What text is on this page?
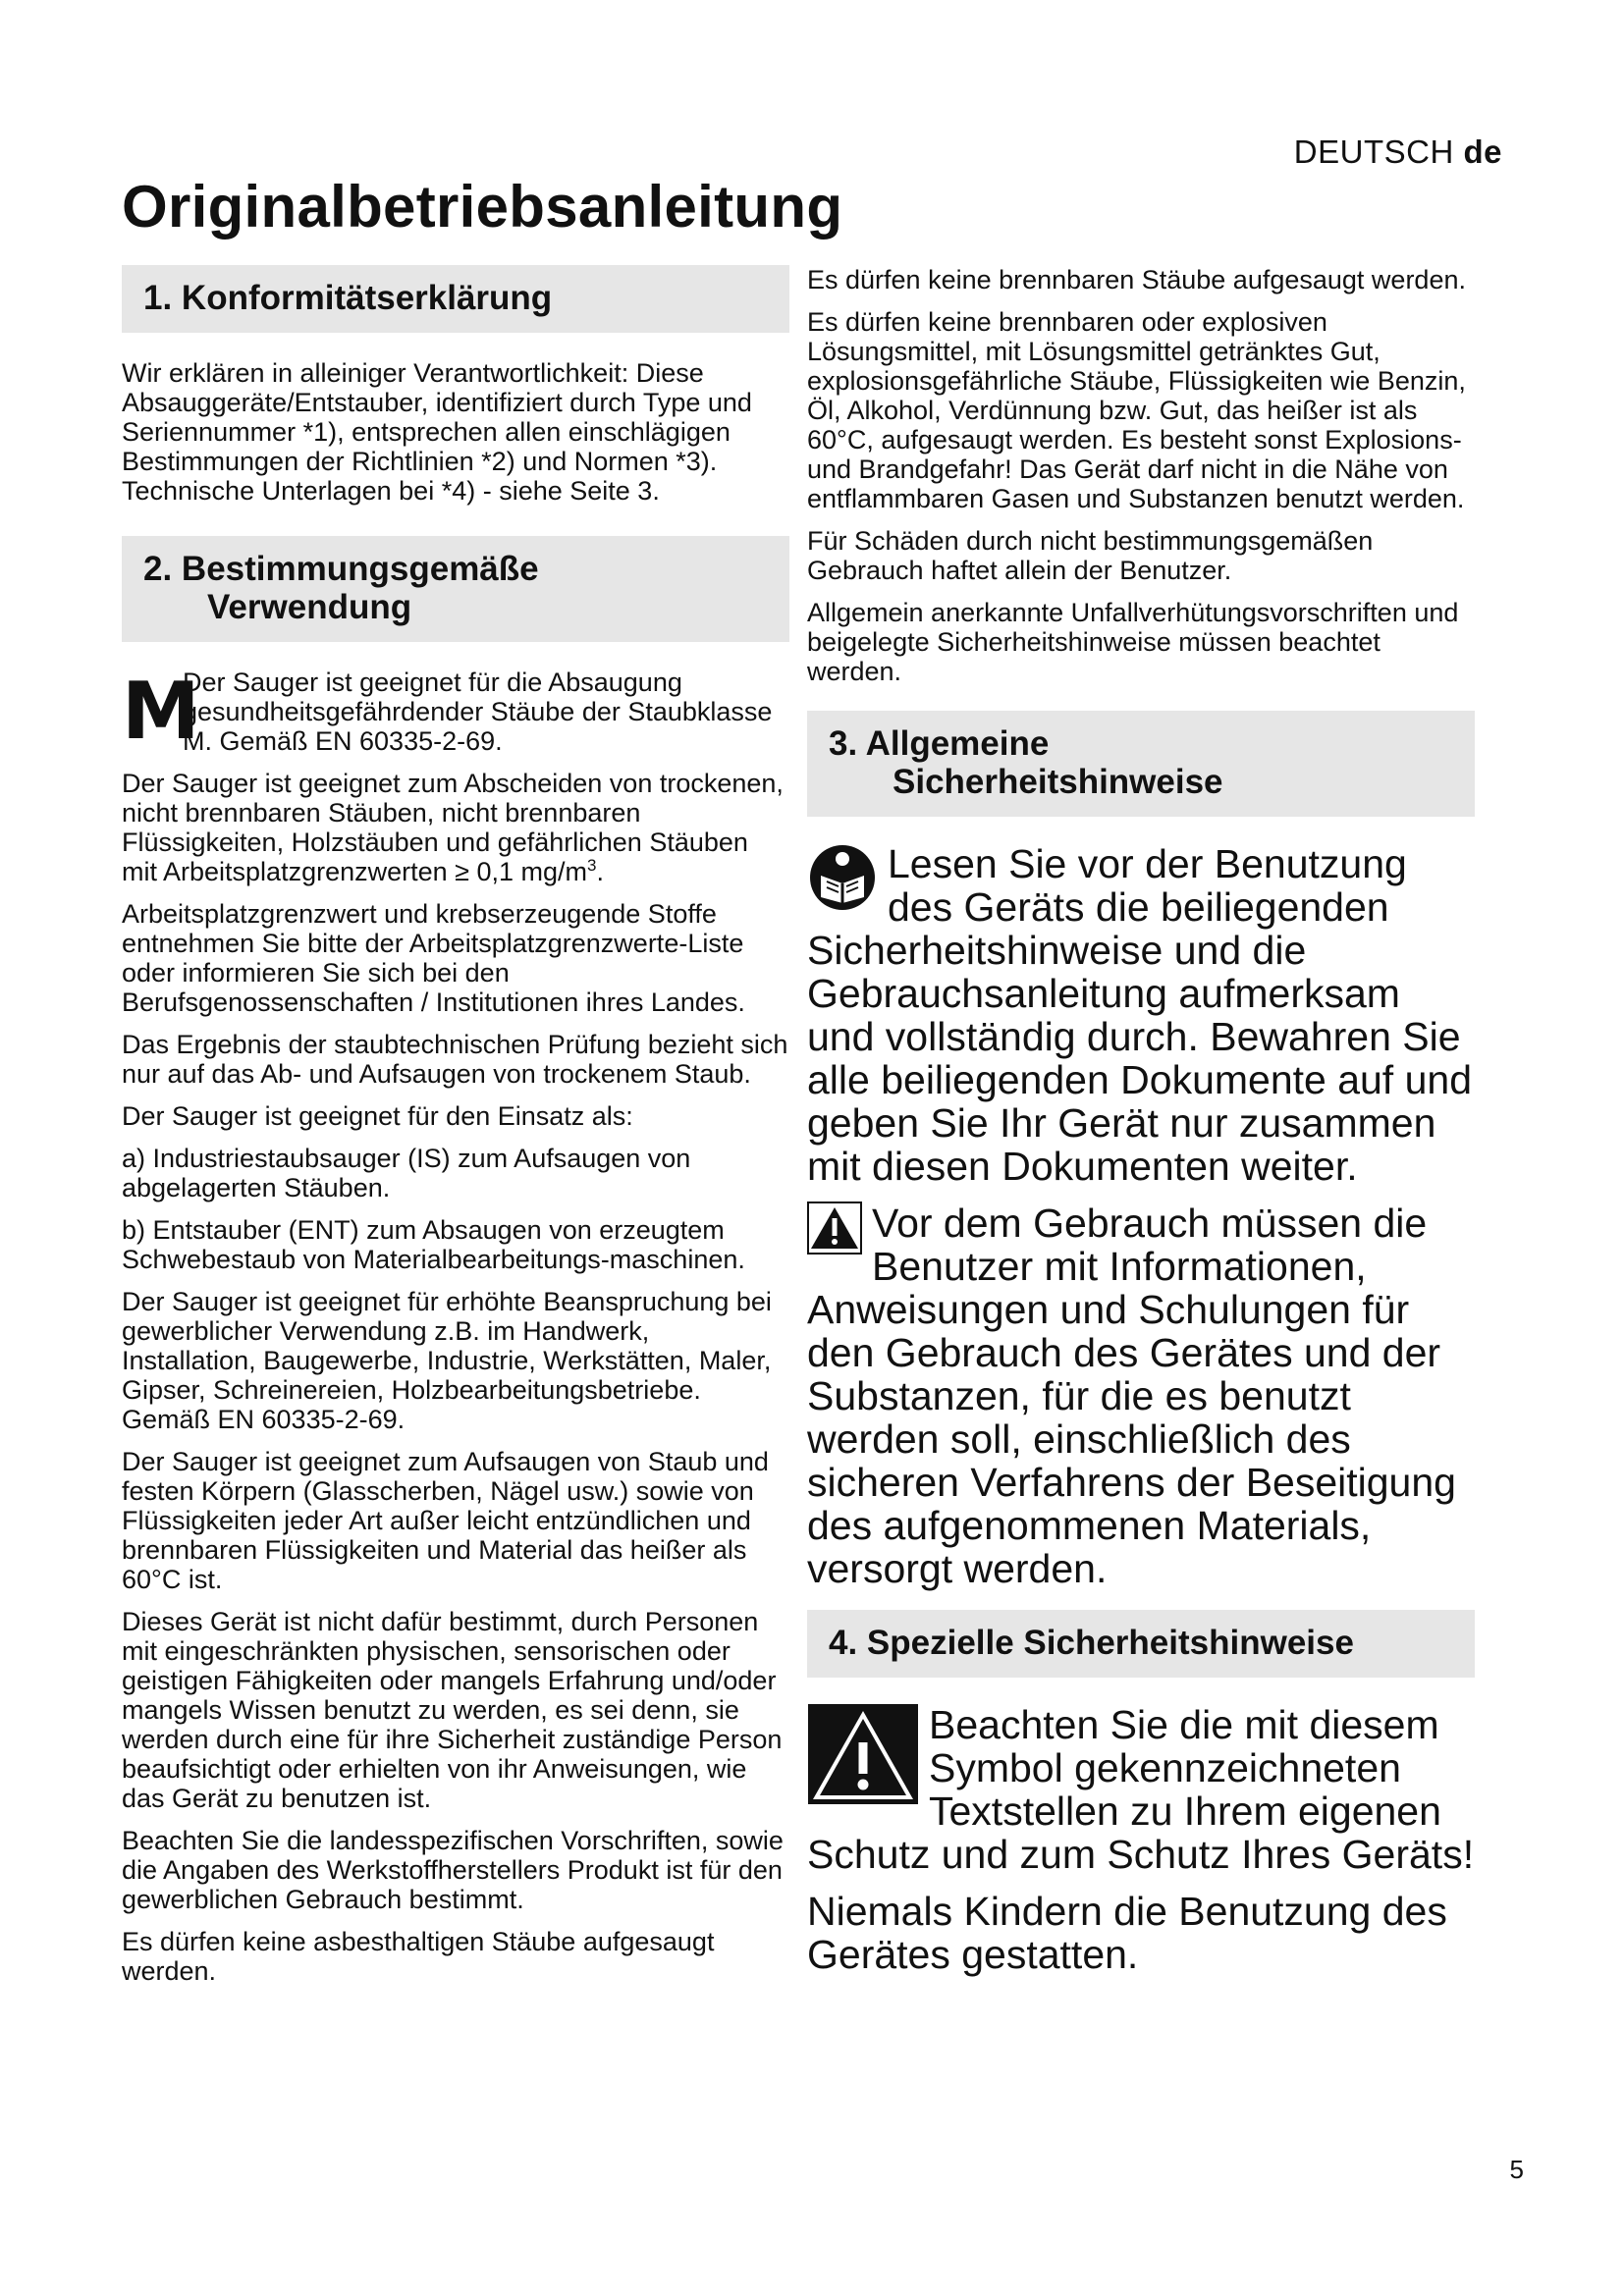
DEUTSCH de
Originalbetriebsanleitung
1. Konformitätserklärung

Wir erklären in alleiniger Verantwortlichkeit: Diese Absauggeräte/Entstauber, identifiziert durch Type und Seriennummer *1), entsprechen allen einschlägigen Bestimmungen der Richtlinien *2) und Normen *3). Technische Unterlagen bei *4) - siehe Seite 3.

2. Bestimmungsgemäße
Verwendung
M

Der Sauger ist geeignet für die Absaugung gesundheitsgefährdender Stäube der Staubklasse M. Gemäß EN 60335-2-69.

Der Sauger ist geeignet zum Abscheiden von trockenen, nicht brennbaren Stäuben, nicht brennbaren Flüssigkeiten, Holzstäuben und gefährlichen Stäuben mit Arbeitsplatzgrenzwerten ≥ 0,1 $mg/m^3$.

Arbeitsplatzgrenzwert und krebserzeugende Stoffe entnehmen Sie bitte der Arbeitsplatzgrenzwerte-Liste oder informieren Sie sich bei den Berufsgenossenschaften / Institutionen ihres Landes.

Das Ergebnis der staubtechnischen Prüfung bezieht sich nur auf das Ab- und Aufsaugen von trockenem Staub.

Der Sauger ist geeignet für den Einsatz als:

a) Industriestaubsauger (IS) zum Aufsaugen von abgelagerten Stäuben.

b) Entstauber (ENT) zum Absaugen von erzeugtem Schwebestaub von Materialbearbeitungs-maschinen.

Der Sauger ist geeignet für erhöhte Beanspruchung bei gewerblicher Verwendung z.B. im Handwerk, Installation, Baugewerbe, Industrie, Werkstätten, Maler, Gipser, Schreinereien, Holzbearbeitungsbetriebe. Gemäß EN 60335-2-69.

Der Sauger ist geeignet zum Aufsaugen von Staub und festen Körpern (Glasscherben, Nägel usw.) sowie von Flüssigkeiten jeder Art außer leicht entzündlichen und brennbaren Flüssigkeiten und Material das heißer als 60°C ist.

Dieses Gerät ist nicht dafür bestimmt, durch Personen mit eingeschränkten physischen, sensorischen oder geistigen Fähigkeiten oder mangels Erfahrung und/oder mangels Wissen benutzt zu werden, es sei denn, sie werden durch eine für ihre Sicherheit zuständige Person beaufsichtigt oder erhielten von ihr Anweisungen, wie das Gerät zu benutzen ist.

Beachten Sie die landesspezifischen Vorschriften, sowie die Angaben des Werkstoffherstellers Produkt ist für den gewerblichen Gebrauch bestimmt.

Es dürfen keine asbesthaltigen Stäube aufgesaugt werden.

Es dürfen keine brennbaren Stäube aufgesaugt werden.

Es dürfen keine brennbaren oder explosiven Lösungsmittel, mit Lösungsmittel getränktes Gut, explosionsgefährliche Stäube, Flüssigkeiten wie Benzin, Öl, Alkohol, Verdünnung bzw. Gut, das heißer ist als 60°C, aufgesaugt werden. Es besteht sonst Explosions- und Brandgefahr! Das Gerät darf nicht in die Nähe von entflammbaren Gasen und Substanzen benutzt werden.

Für Schäden durch nicht bestimmungsgemäßen Gebrauch haftet allein der Benutzer.

Allgemein anerkannte Unfallverhütungsvorschriften und beigelegte Sicherheitshinweise müssen beachtet werden.

3. Allgemeine
Sicherheitshinweise

Lesen Sie vor der Benutzung des Geräts die beiliegenden Sicherheitshinweise und die Gebrauchsanleitung aufmerksam und vollständig durch. Bewahren Sie alle beiliegenden Dokumente auf und geben Sie Ihr Gerät nur zusammen mit diesen Dokumenten weiter.

Vor dem Gebrauch müssen die Benutzer mit Informationen, Anweisungen und Schulungen für den Gebrauch des Gerätes und der Substanzen, für die es benutzt werden soll, einschließlich des sicheren Verfahrens der Beseitigung des aufgenommenen Materials, versorgt werden.

4. Spezielle Sicherheitshinweise

Beachten Sie die mit diesem Symbol gekennzeichneten Textstellen zu Ihrem eigenen Schutz und zum Schutz Ihres Geräts!

Niemals Kindern die Benutzung des Gerätes gestatten.

5
